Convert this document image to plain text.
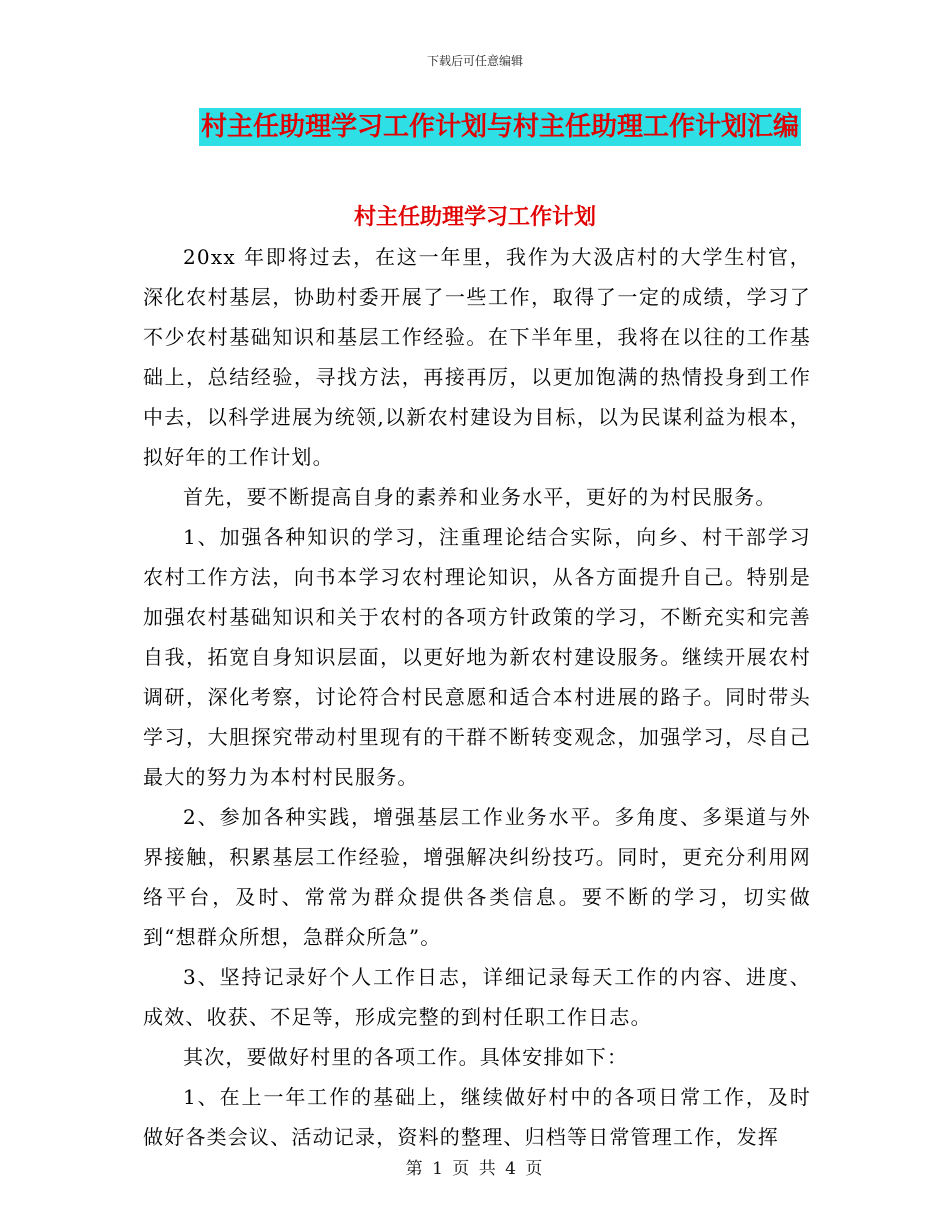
下载后可任意编辑
村主任助理学习工作计划与村主任助理工作计划汇编
村主任助理学习工作计划

20xx 年即将过去，在这一年里，我作为大汲店村的大学生村官，深化农村基层，协助村委开展了一些工作，取得了一定的成绩，学习了不少农村基础知识和基层工作经验。在下半年里，我将在以往的工作基础上，总结经验，寻找方法，再接再厉，以更加饱满的热情投身到工作中去，以科学进展为统领,以新农村建设为目标，以为民谋利益为根本，拟好年的工作计划。

首先，要不断提高自身的素养和业务水平，更好的为村民服务。

1、加强各种知识的学习，注重理论结合实际，向乡、村干部学习农村工作方法，向书本学习农村理论知识，从各方面提升自己。特别是加强农村基础知识和关于农村的各项方针政策的学习，不断充实和完善自我，拓宽自身知识层面，以更好地为新农村建设服务。继续开展农村调研，深化考察，讨论符合村民意愿和适合本村进展的路子。同时带头学习，大胆探究带动村里现有的干群不断转变观念，加强学习，尽自己最大的努力为本村村民服务。

2、参加各种实践，增强基层工作业务水平。多角度、多渠道与外界接触，积累基层工作经验，增强解决纠纷技巧。同时，更充分利用网络平台，及时、常常为群众提供各类信息。要不断的学习，切实做到“想群众所想，急群众所急”。

3、坚持记录好个人工作日志，详细记录每天工作的内容、进度、成效、收获、不足等，形成完整的到村任职工作日志。

其次，要做好村里的各项工作。具体安排如下：

1、在上一年工作的基础上，继续做好村中的各项日常工作，及时做好各类会议、活动记录，资料的整理、归档等日常管理工作，发挥

第 1 页 共 4 页
